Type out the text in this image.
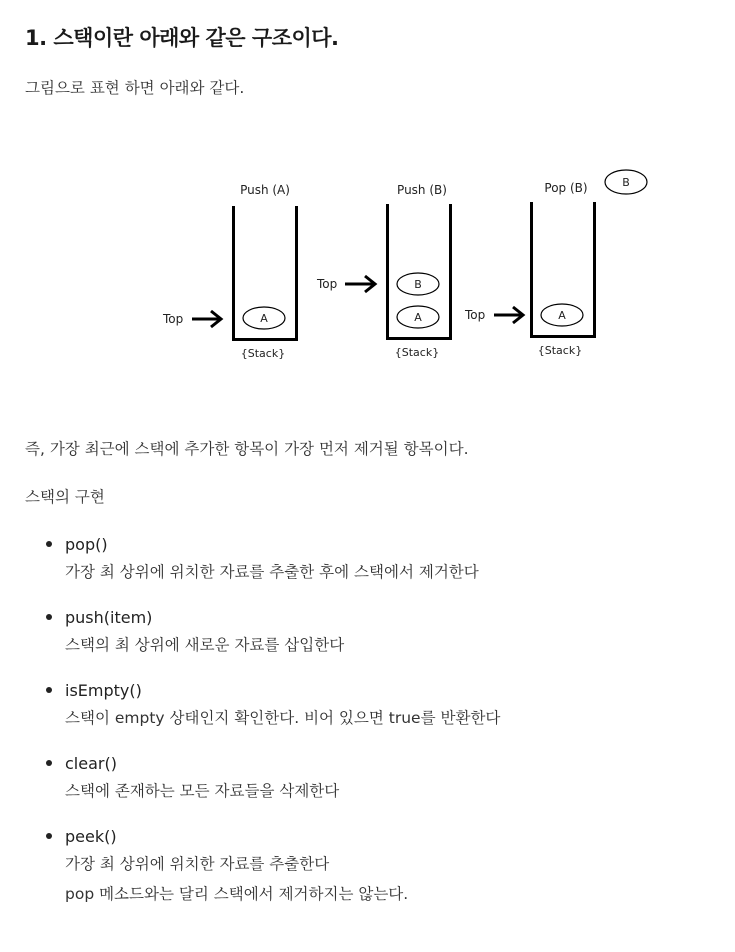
1. 스택이란 아래와 같은 구조이다.

그림으로 표현 하면 아래와 같다.

Push (A)
A
{Stack}
Top
Push (B)
A
B
{Stack}
Top
Pop (B)	B
A
{Stack}
Top

즉, 가장 최근에 스택에 추가한 항목이 가장 먼저 제거될 항목이다.

스택의 구현

pop()
가장 최 상위에 위치한 자료를 추출한 후에 스택에서 제거한다
push(item)
스택의 최 상위에 새로운 자료를 삽입한다
isEmpty()
스택이 empty 상태인지 확인한다. 비어 있으면 true를 반환한다
clear()
스택에 존재하는 모든 자료들을 삭제한다
peek()
가장 최 상위에 위치한 자료를 추출한다
pop 메소드와는 달리 스택에서 제거하지는 않는다.
